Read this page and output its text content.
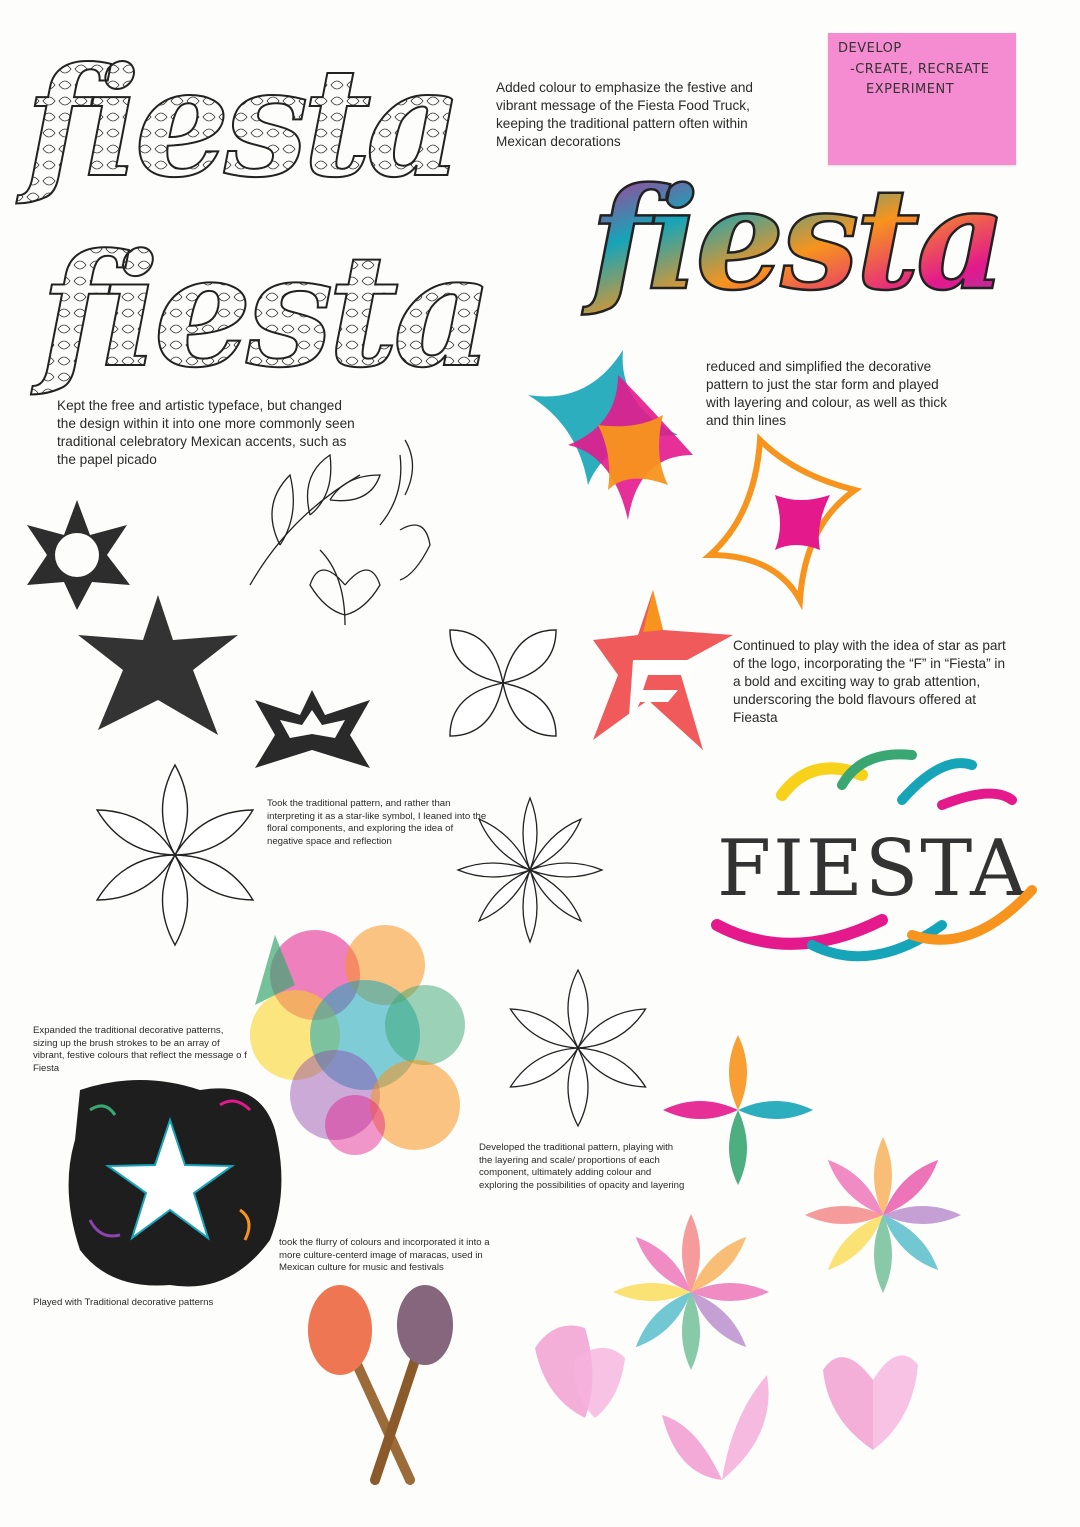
DEVELOP
-CREATE, RECREATE
EXPERIMENT
fiesta
fiesta fiesta

Added colour to emphasize the festive and vibrant message of the Fiesta Food Truck, keeping the traditional pattern often within Mexican decorations

Kept the free and artistic typeface, but changed the design within it into one more commonly seen traditional celebratory Mexican accents, such as the papel picado

reduced and simplified the decorative pattern to just the star form and played with layering and colour, as well as thick and thin lines

Continued to play with the idea of star as part of the logo, incorporating the “F” in “Fiesta” in a bold and exciting way to grab attention, underscoring the bold flavours offered at Fieasta

Took the traditional pattern, and rather than interpreting it as a star-like symbol, I leaned into the floral components, and exploring the idea of negative space and reflection

Expanded the traditional decorative patterns, sizing up the brush strokes to be an array of vibrant, festive colours that reflect the message o f Fiesta

Developed the traditional pattern, playing with the layering and scale/ proportions of each component, ultimately adding colour and exploring the possibilities of opacity and layering

took the flurry of colours and incorporated it into a more culture-centerd image of maracas, used in Mexican culture for music and festivals

Played with Traditional decorative patterns

FIESTA
